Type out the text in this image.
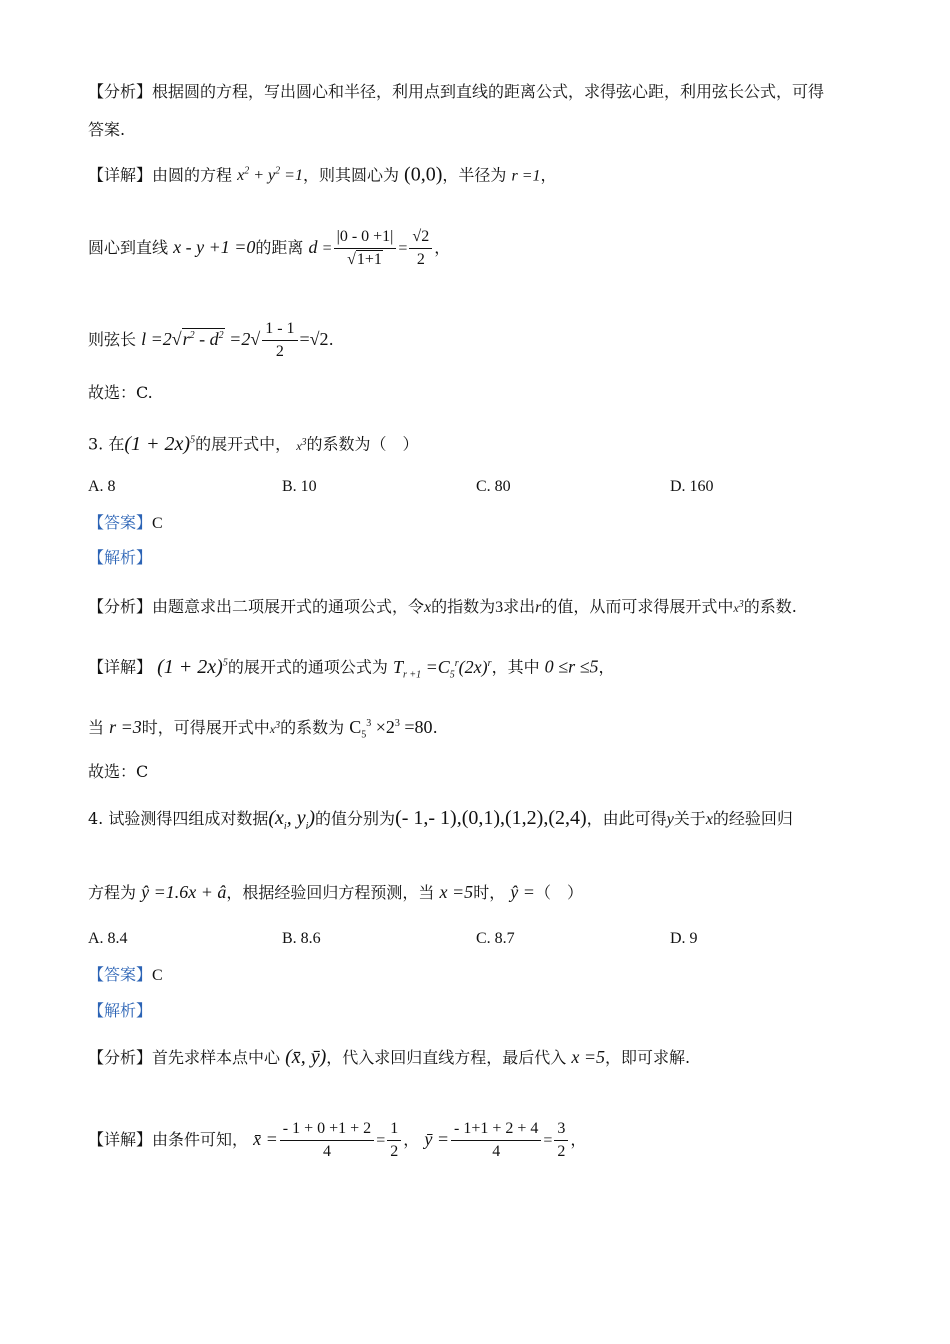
【分析】根据圆的方程，写出圆心和半径，利用点到直线的距离公式，求得弦心距，利用弦长公式，可得
答案.
【详解】由圆的方程 $x^2 + y^2 =1$，则其圆心为 (0,0)，半径为 r =1，
圆心到直线 x - y +1 =0的距离 $d = \frac{|0 - 0 +1|}{√1+1} = \frac{√2}{2}$ ，
则弦长 $l =2√r^2 - d^2 =2√ \frac{1 - 1}{2} =√2$.
故选：C.
3. 在$(1 + 2x)^5$的展开式中， $x^3$的系数为（　）
A. 8	B. 10	C. 80	D. 160
【答案】C
【解析】
【分析】由题意求出二项展开式的通项公式，令x的指数为3求出r的值，从而可求得展开式中$x^3$的系数.
【详解】 $(1 + 2x)^5$的展开式的通项公式为 $T_{r +1} =C_5^r(2x)^r$，其中 0 ≤r ≤5，
当 r =3时，可得展开式中$x^3$的系数为 $C_5^3 \times 2^3 =80$.
故选：C
4. 试验测得四组成对数据($x_i$, $y_i$)的值分别为(- 1,- 1),(0,1),(1,2),(2,4)，由此可得y关于x的经验回归
方程为 ŷ =1.6x + â，根据经验回归方程预测，当 x =5时， ŷ =（　）
A. 8.4	B. 8.6	C. 8.7	D. 9
【答案】C
【解析】
【分析】首先求样本点中心 (x̄, ȳ)，代入求回归直线方程，最后代入 x =5，即可求解.
【详解】由条件可知， x̄ = $\frac{- 1 + 0 +1 + 2}{4} = \frac{1}{2}$ ， ȳ = $\frac{- 1+1 + 2 + 4}{4} = \frac{3}{2}$ ，
